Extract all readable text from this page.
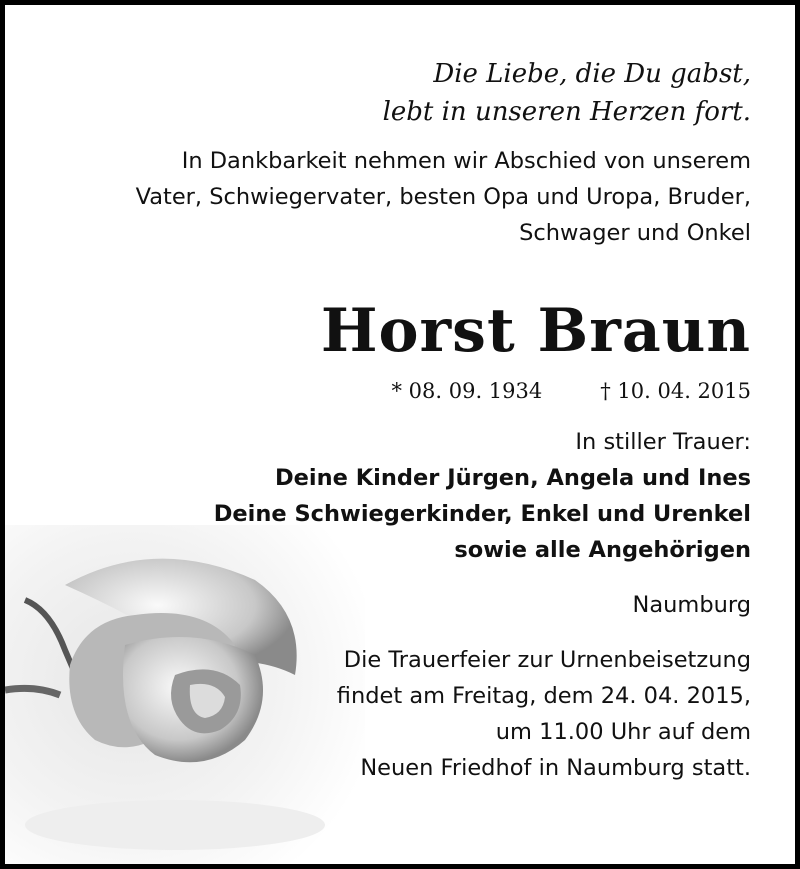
Die Liebe, die Du gabst,
lebt in unseren Herzen fort.

In Dankbarkeit nehmen wir Abschied von unserem
Vater, Schwiegervater, besten Opa und Uropa, Bruder,
Schwager und Onkel

Horst Braun
* 08. 09. 1934	† 10. 04. 2015
In stiller Trauer:
Deine Kinder Jürgen, Angela und Ines
Deine Schwiegerkinder, Enkel und Urenkel
sowie alle Angehörigen

Naumburg

Die Trauerfeier zur Urnenbeisetzung
findet am Freitag, dem 24. 04. 2015,
um 11.00 Uhr auf dem
Neuen Friedhof in Naumburg statt.
